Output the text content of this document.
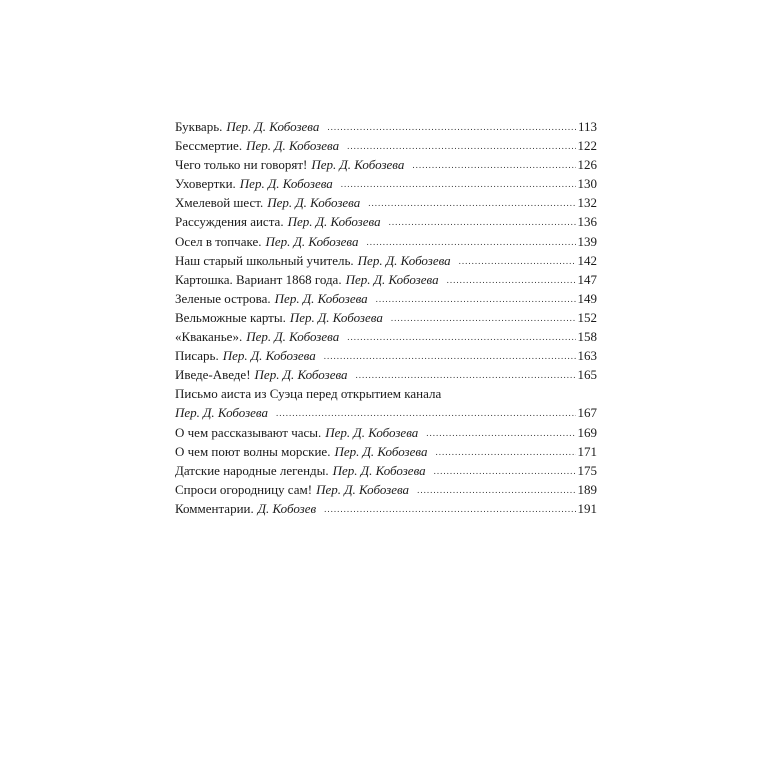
Букварь. Пер. Д. Кобозева .....	113
Бессмертие. Пер. Д. Кобозева .....	122
Чего только ни говорят! Пер. Д. Кобозева .....	126
Уховертки. Пер. Д. Кобозева .....	130
Хмелевой шест. Пер. Д. Кобозева .....	132
Рассуждения аиста. Пер. Д. Кобозева .....	136
Осел в топчаке. Пер. Д. Кобозева .....	139
Наш старый школьный учитель. Пер. Д. Кобозева .....	142
Картошка. Вариант 1868 года. Пер. Д. Кобозева .....	147
Зеленые острова. Пер. Д. Кобозева .....	149
Вельможные карты. Пер. Д. Кобозева .....	152
«Кваканье». Пер. Д. Кобозева .....	158
Писарь. Пер. Д. Кобозева .....	163
Иведе-Аведе! Пер. Д. Кобозева .....	165
Письмо аиста из Суэца перед открытием канала
Пер. Д. Кобозева .....	167
О чем рассказывают часы. Пер. Д. Кобозева .....	169
О чем поют волны морские. Пер. Д. Кобозева .....	171
Датские народные легенды. Пер. Д. Кобозева .....	175
Спроси огородницу сам! Пер. Д. Кобозева .....	189
Комментарии. Д. Кобозев .....	191
